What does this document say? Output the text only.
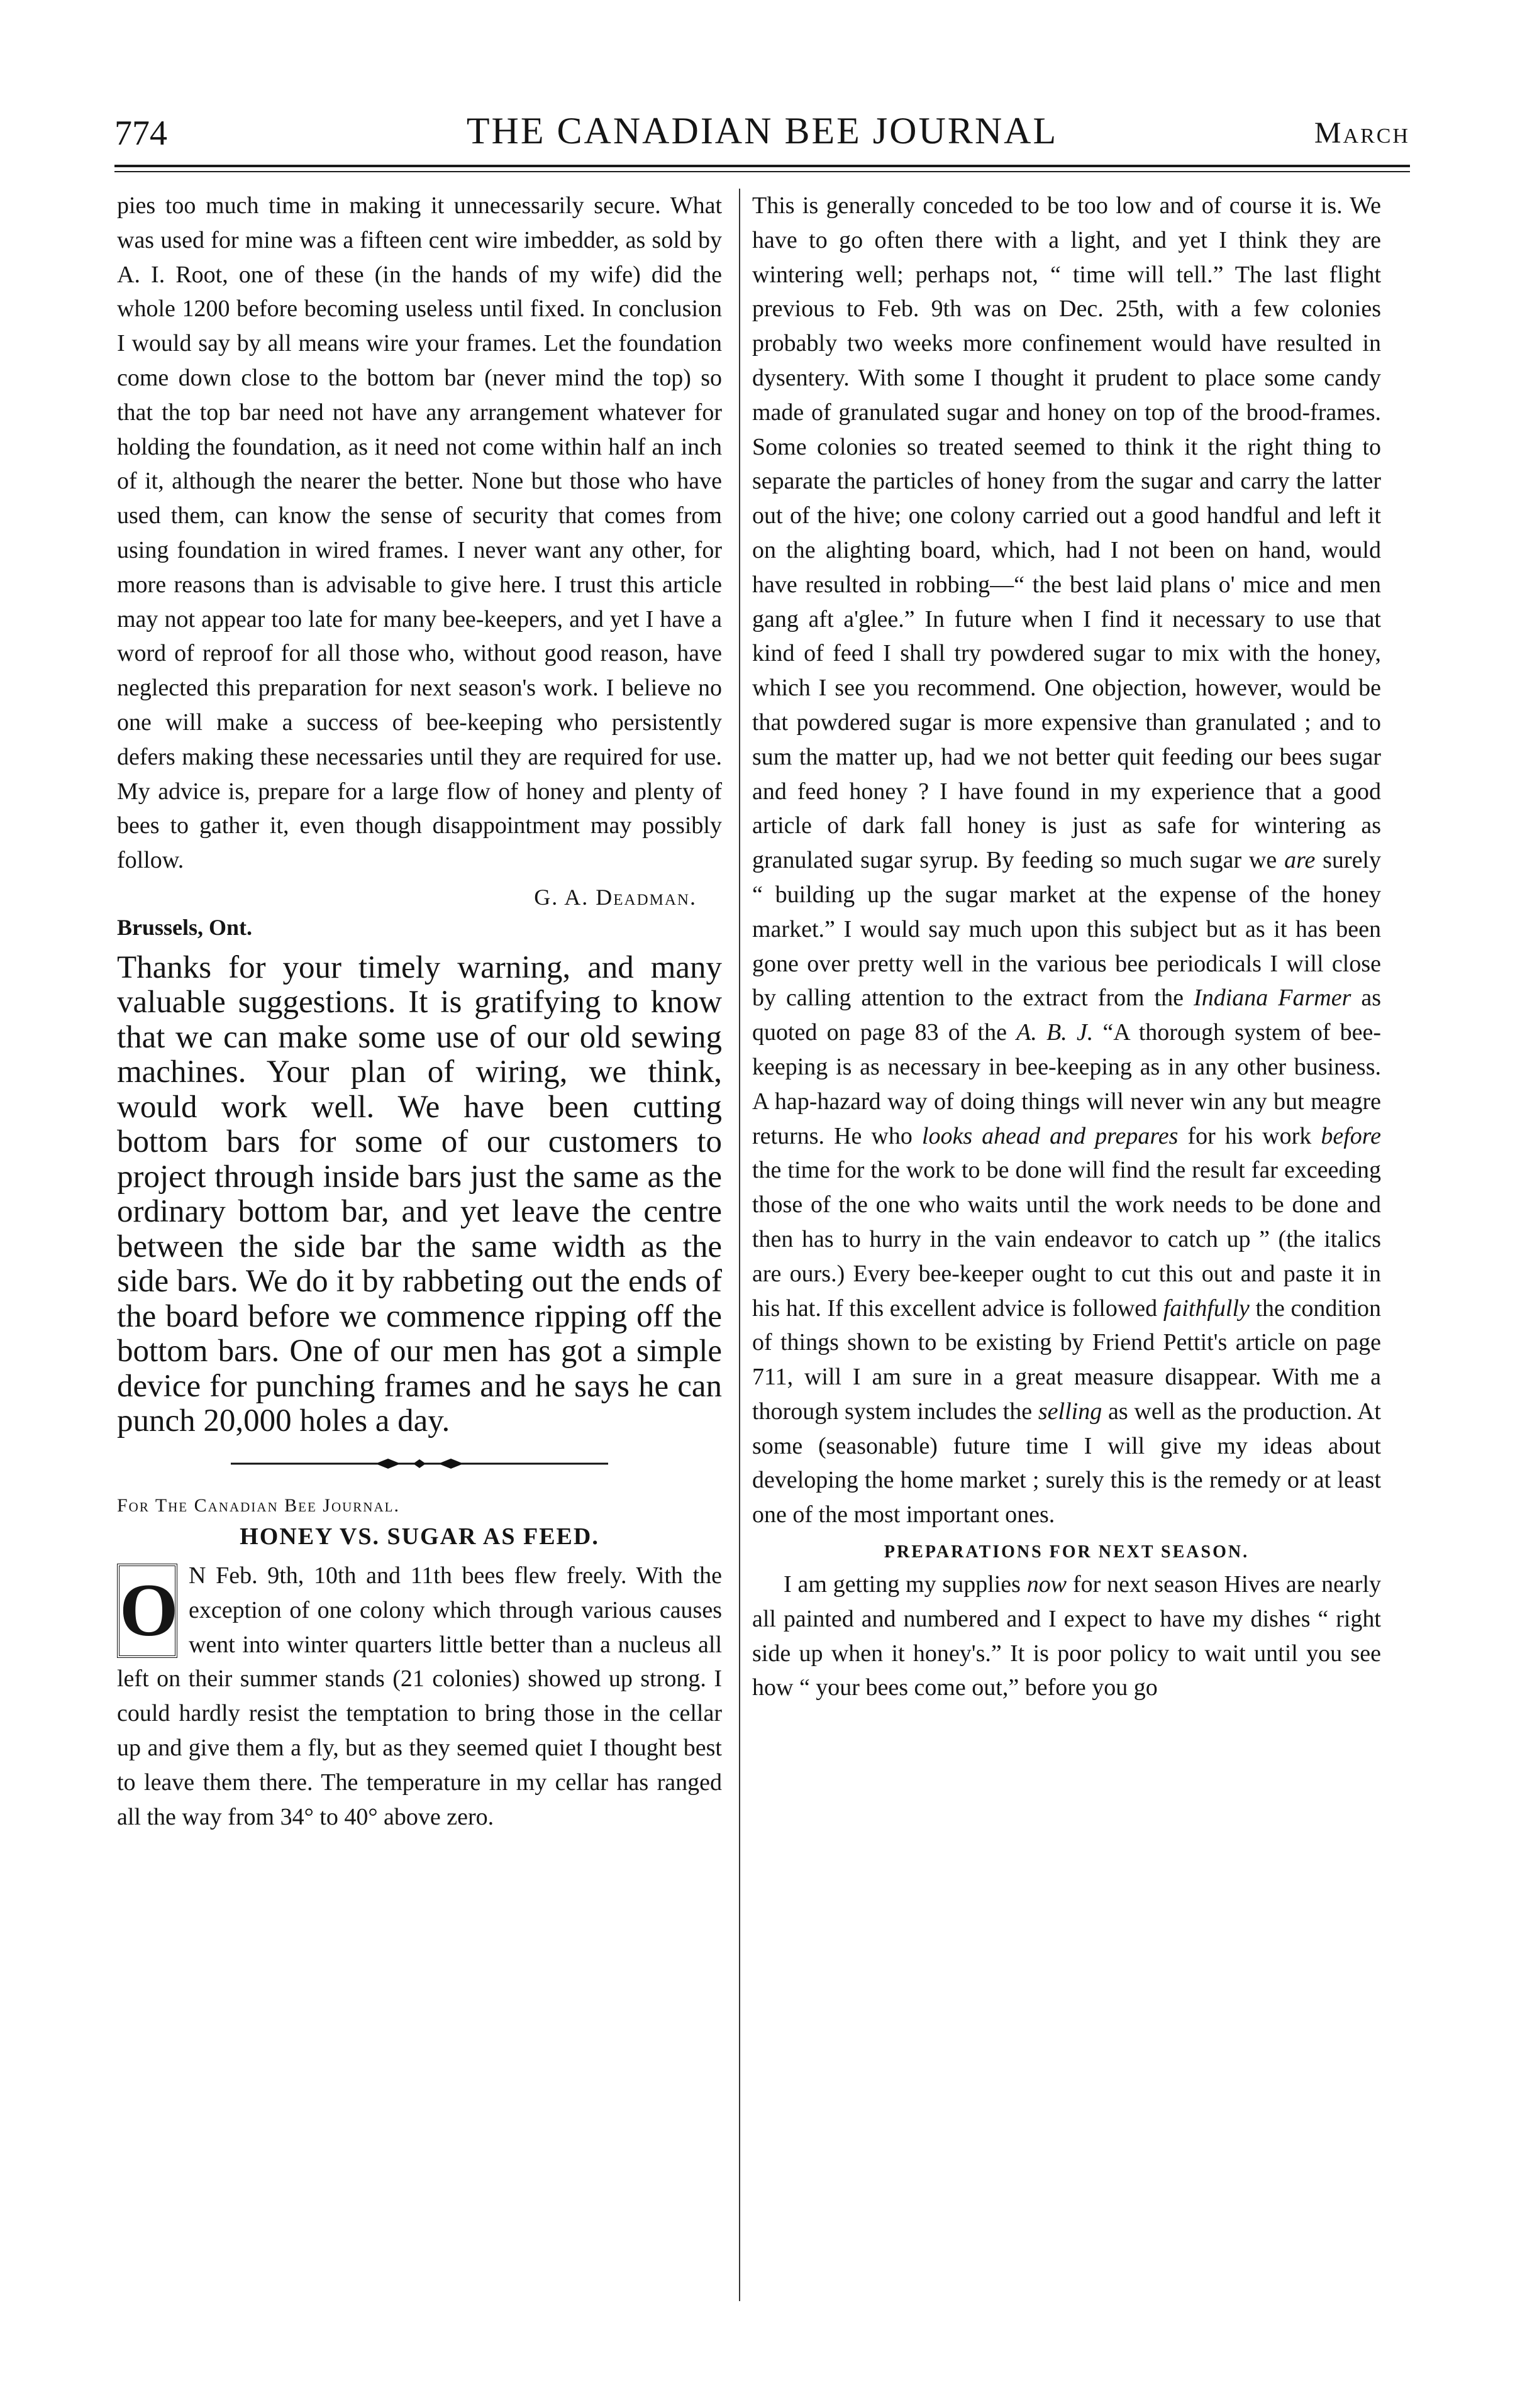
774	THE CANADIAN BEE JOURNAL	March

pies too much time in making it unnecessarily secure. What was used for mine was a fifteen cent wire imbedder, as sold by A. I. Root, one of these (in the hands of my wife) did the whole 1200 before becoming useless until fixed. In conclusion I would say by all means wire your frames. Let the foundation come down close to the bottom bar (never mind the top) so that the top bar need not have any arrangement whatever for holding the foundation, as it need not come within half an inch of it, although the nearer the better. None but those who have used them, can know the sense of security that comes from using foundation in wired frames. I never want any other, for more reasons than is advisable to give here. I trust this article may not appear too late for many bee-keepers, and yet I have a word of reproof for all those who, without good reason, have neglected this preparation for next season's work. I believe no one will make a success of bee-keeping who persistently defers making these necessaries until they are required for use. My advice is, prepare for a large flow of honey and plenty of bees to gather it, even though disappointment may possibly follow.

G. A. Deadman.

Brussels, Ont.

Thanks for your timely warning, and many valuable suggestions. It is gratifying to know that we can make some use of our old sewing machines. Your plan of wiring, we think, would work well. We have been cutting bottom bars for some of our customers to project through inside bars just the same as the ordinary bottom bar, and yet leave the centre between the side bar the same width as the side bars. We do it by rabbeting out the ends of the board before we commence ripping off the bottom bars. One of our men has got a simple device for punching frames and he says he can punch 20,000 holes a day.

For The Canadian Bee Journal.

HONEY VS. SUGAR AS FEED.

O N Feb. 9th, 10th and 11th bees flew freely. With the exception of one colony which through various causes went into winter quarters little better than a nucleus all left on their summer stands (21 colonies) showed up strong. I could hardly resist the temptation to bring those in the cellar up and give them a fly, but as they seemed quiet I thought best to leave them there. The temperature in my cellar has ranged all the way from 34° to 40° above zero.

This is generally conceded to be too low and of course it is. We have to go often there with a light, and yet I think they are wintering well; perhaps not, “ time will tell.” The last flight previous to Feb. 9th was on Dec. 25th, with a few colonies probably two weeks more confinement would have resulted in dysentery. With some I thought it prudent to place some candy made of granulated sugar and honey on top of the brood-frames. Some colonies so treated seemed to think it the right thing to separate the particles of honey from the sugar and carry the latter out of the hive; one colony carried out a good handful and left it on the alighting board, which, had I not been on hand, would have resulted in robbing—“ the best laid plans o' mice and men gang aft a'glee.” In future when I find it necessary to use that kind of feed I shall try powdered sugar to mix with the honey, which I see you recommend. One objection, however, would be that powdered sugar is more expensive than granulated ; and to sum the matter up, had we not better quit feeding our bees sugar and feed honey ? I have found in my experience that a good article of dark fall honey is just as safe for wintering as granulated sugar syrup. By feeding so much sugar we are surely “ building up the sugar market at the expense of the honey market.” I would say much upon this subject but as it has been gone over pretty well in the various bee periodicals I will close by calling attention to the extract from the Indiana Farmer as quoted on page 83 of the A. B. J. “A thorough system of bee-keeping is as necessary in bee-keeping as in any other business. A hap-hazard way of doing things will never win any but meagre returns. He who looks ahead and prepares for his work before the time for the work to be done will find the result far exceeding those of the one who waits until the work needs to be done and then has to hurry in the vain endeavor to catch up ” (the italics are ours.) Every bee-keeper ought to cut this out and paste it in his hat. If this excellent advice is followed faithfully the condition of things shown to be existing by Friend Pettit's article on page 711, will I am sure in a great measure disappear. With me a thorough system includes the selling as well as the production. At some (seasonable) future time I will give my ideas about developing the home market ; surely this is the remedy or at least one of the most important ones.

PREPARATIONS FOR NEXT SEASON.

I am getting my supplies now for next season Hives are nearly all painted and numbered and I expect to have my dishes “ right side up when it honey's.” It is poor policy to wait until you see how “ your bees come out,” before you go
